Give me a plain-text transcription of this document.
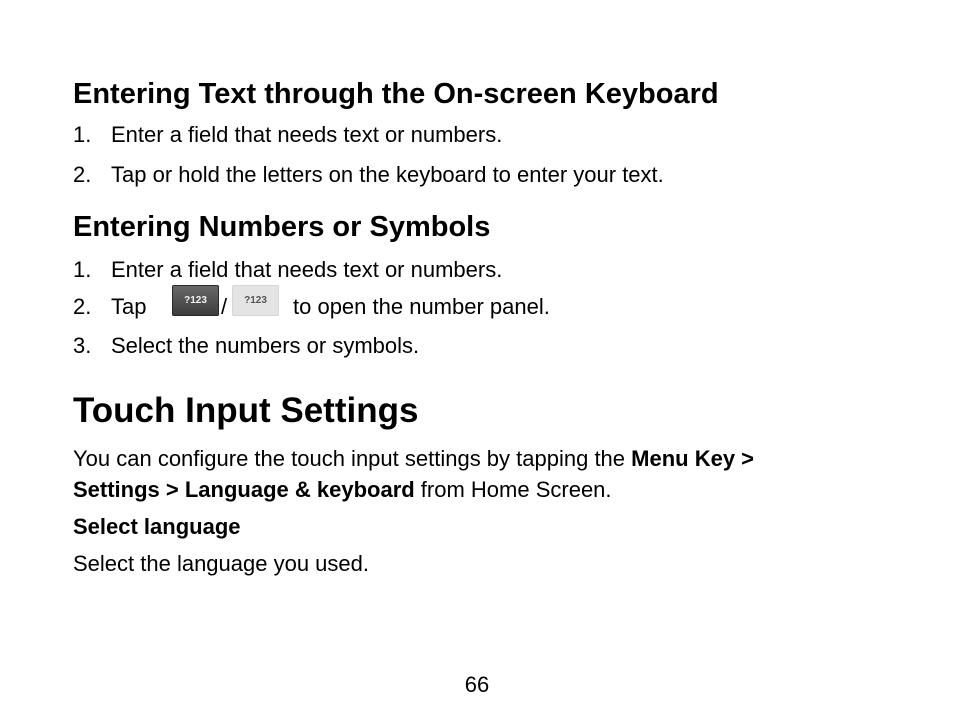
Entering Text through the On-screen Keyboard
1. Enter a field that needs text or numbers.
2. Tap or hold the letters on the keyboard to enter your text.
Entering Numbers or Symbols
1. Enter a field that needs text or numbers.
2. Tap	?123 /	?123	to open the number panel.
3. Select the numbers or symbols.
Touch Input Settings
You can configure the touch input settings by tapping the Menu Key >
Settings > Language & keyboard from Home Screen.
Select language
Select the language you used.
66
